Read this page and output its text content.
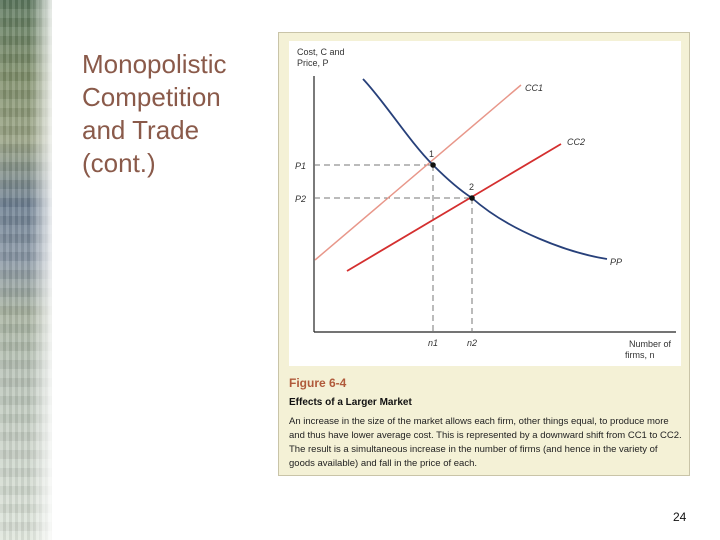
Monopolistic
Competition
and Trade
(cont.)
Cost, C and
Price, P
Number of
firms, n
1
2
CC1
CC2
PP
P1
P2
n1	n2
Figure 6-4
Effects of a Larger Market
An increase in the size of the market allows each firm, other things equal, to produce more and thus have lower average cost. This is represented by a downward shift from CC1 to CC2. The result is a simultaneous increase in the number of firms (and hence in the variety of goods available) and fall in the price of each.
24
